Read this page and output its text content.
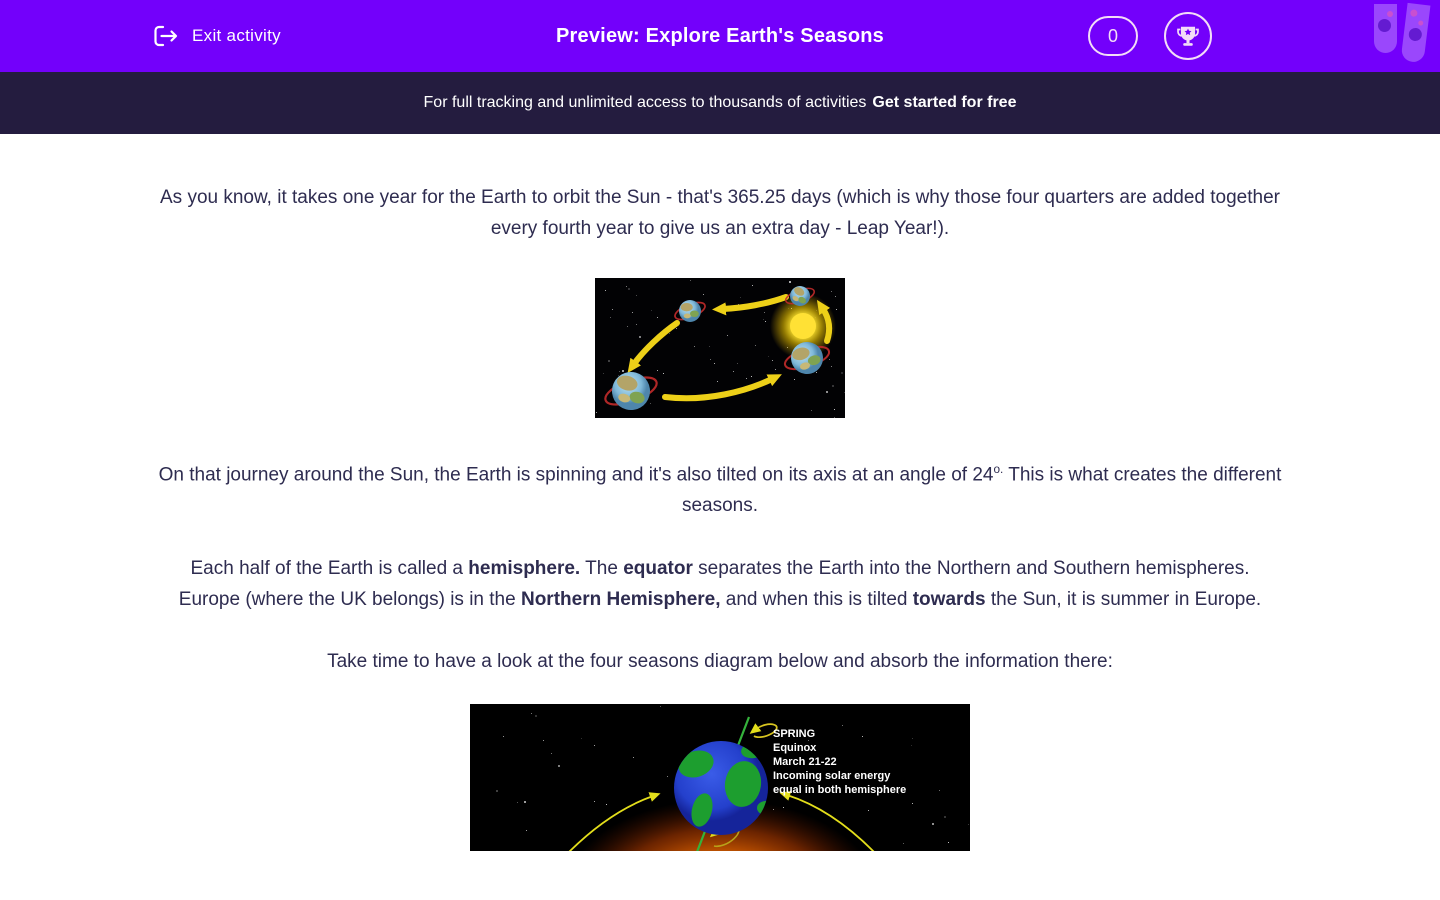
Exit activity	Preview: Explore Earth's Seasons	0
For full tracking and unlimited access to thousands of activities Get started for free

As you know, it takes one year for the Earth to orbit the Sun - that's 365.25 days (which is why those four quarters are added together every fourth year to give us an extra day - Leap Year!).

On that journey around the Sun, the Earth is spinning and it's also tilted on its axis at an angle of $24^{o.}$ This is what creates the different seasons.

Each half of the Earth is called a hemisphere. The equator separates the Earth into the Northern and Southern hemispheres.
Europe (where the UK belongs) is in the Northern Hemisphere, and when this is tilted towards the Sun, it is summer in Europe.

Take time to have a look at the four seasons diagram below and absorb the information there:

SPRING
Equinox
March 21-22
Incoming solar energy
equal in both hemisphere
